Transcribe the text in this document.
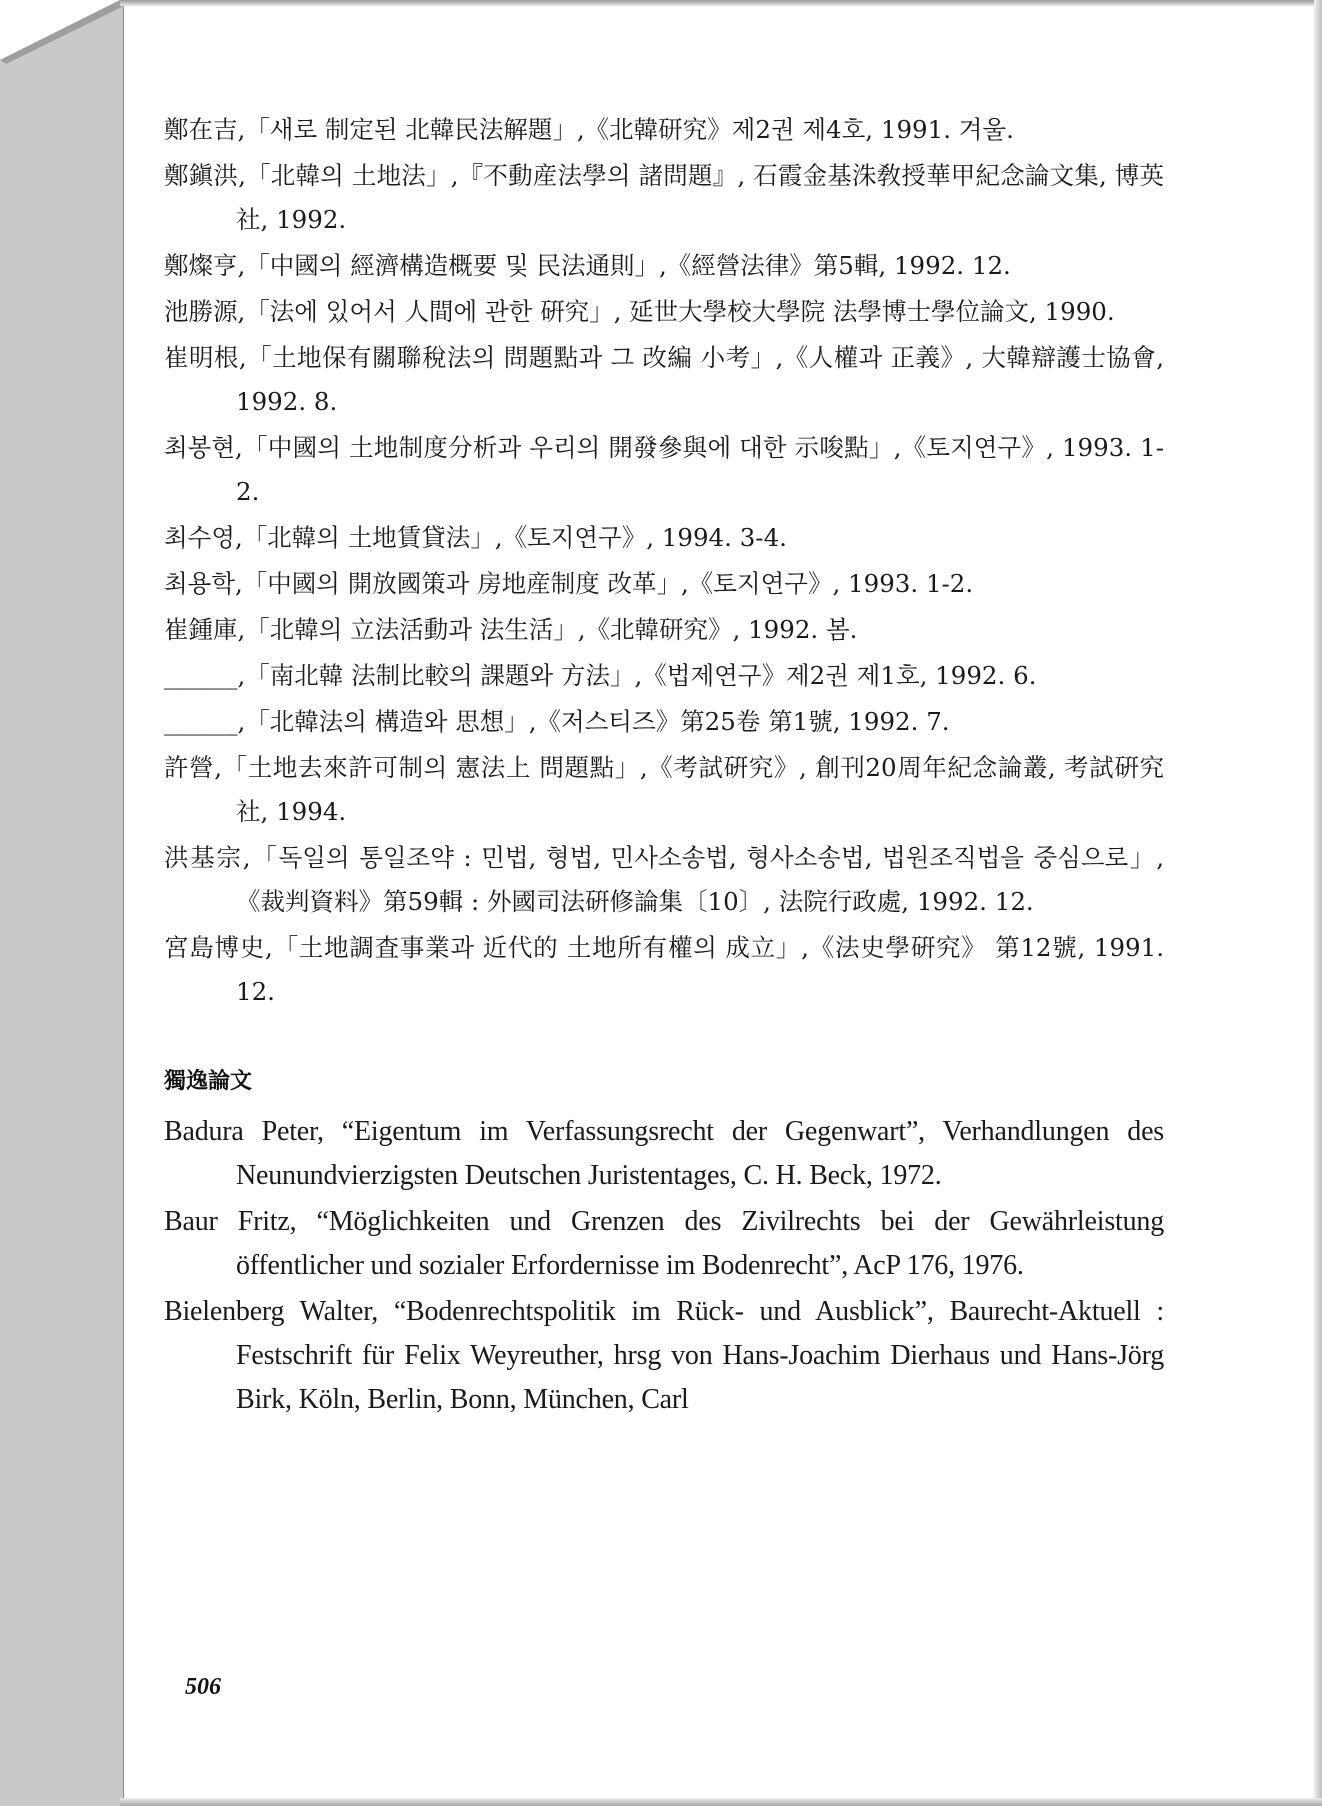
鄭在吉,「새로 制定된 北韓民法解題」,《北韓研究》제2권 제4호, 1991. 겨울.
鄭鎭洪,「北韓의 土地法」,『不動産法學의 諸問題』, 石霞金基洙敎授華甲紀念論文集, 博英社, 1992.
鄭燦亨,「中國의 經濟構造概要 및 民法通則」,《經營法律》第5輯, 1992. 12.
池勝源,「法에 있어서 人間에 관한 硏究」, 延世大學校大學院 法學博士學位論文, 1990.
崔明根,「土地保有關聯稅法의 問題點과 그 改編 小考」,《人權과 正義》, 大韓辯護士協會, 1992. 8.
최봉현,「中國의 土地制度分析과 우리의 開發參與에 대한 示唆點」,《토지연구》, 1993. 1-2.
최수영,「北韓의 土地賃貸法」,《토지연구》, 1994. 3-4.
최용학,「中國의 開放國策과 房地産制度 改革」,《토지연구》, 1993. 1-2.
崔鍾庫,「北韓의 立法活動과 法生活」,《北韓研究》, 1992. 봄.
______,「南北韓 法制比較의 課題와 方法」,《법제연구》제2권 제1호, 1992. 6.
______,「北韓法의 構造와 思想」,《저스티즈》第25卷 第1號, 1992. 7.
許營,「土地去來許可制의 憲法上 問題點」,《考試硏究》, 創刊20周年紀念論叢, 考試硏究社, 1994.
洪基宗,「독일의 통일조약 : 민법, 형법, 민사소송법, 형사소송법, 법원조직법을 중심으로」,《裁判資料》第59輯 : 外國司法硏修論集〔10〕, 法院行政處, 1992. 12.
宮島博史,「土地調査事業과 近代的 土地所有權의 成立」,《法史學硏究》 第12號, 1991. 12.
獨逸論文
Badura Peter, “Eigentum im Verfassungsrecht der Gegenwart”, Verhandlungen des Neunundvierzigsten Deutschen Juristentages, C. H. Beck, 1972.
Baur Fritz, “Möglichkeiten und Grenzen des Zivilrechts bei der Gewährleistung öffentlicher und sozialer Erfordernisse im Bodenrecht”, AcP 176, 1976.
Bielenberg Walter, “Bodenrechtspolitik im Rück- und Ausblick”, Baurecht-Aktuell : Festschrift für Felix Weyreuther, hrsg von Hans-Joachim Dierhaus und Hans-Jörg Birk, Köln, Berlin, Bonn, München, Carl
506
